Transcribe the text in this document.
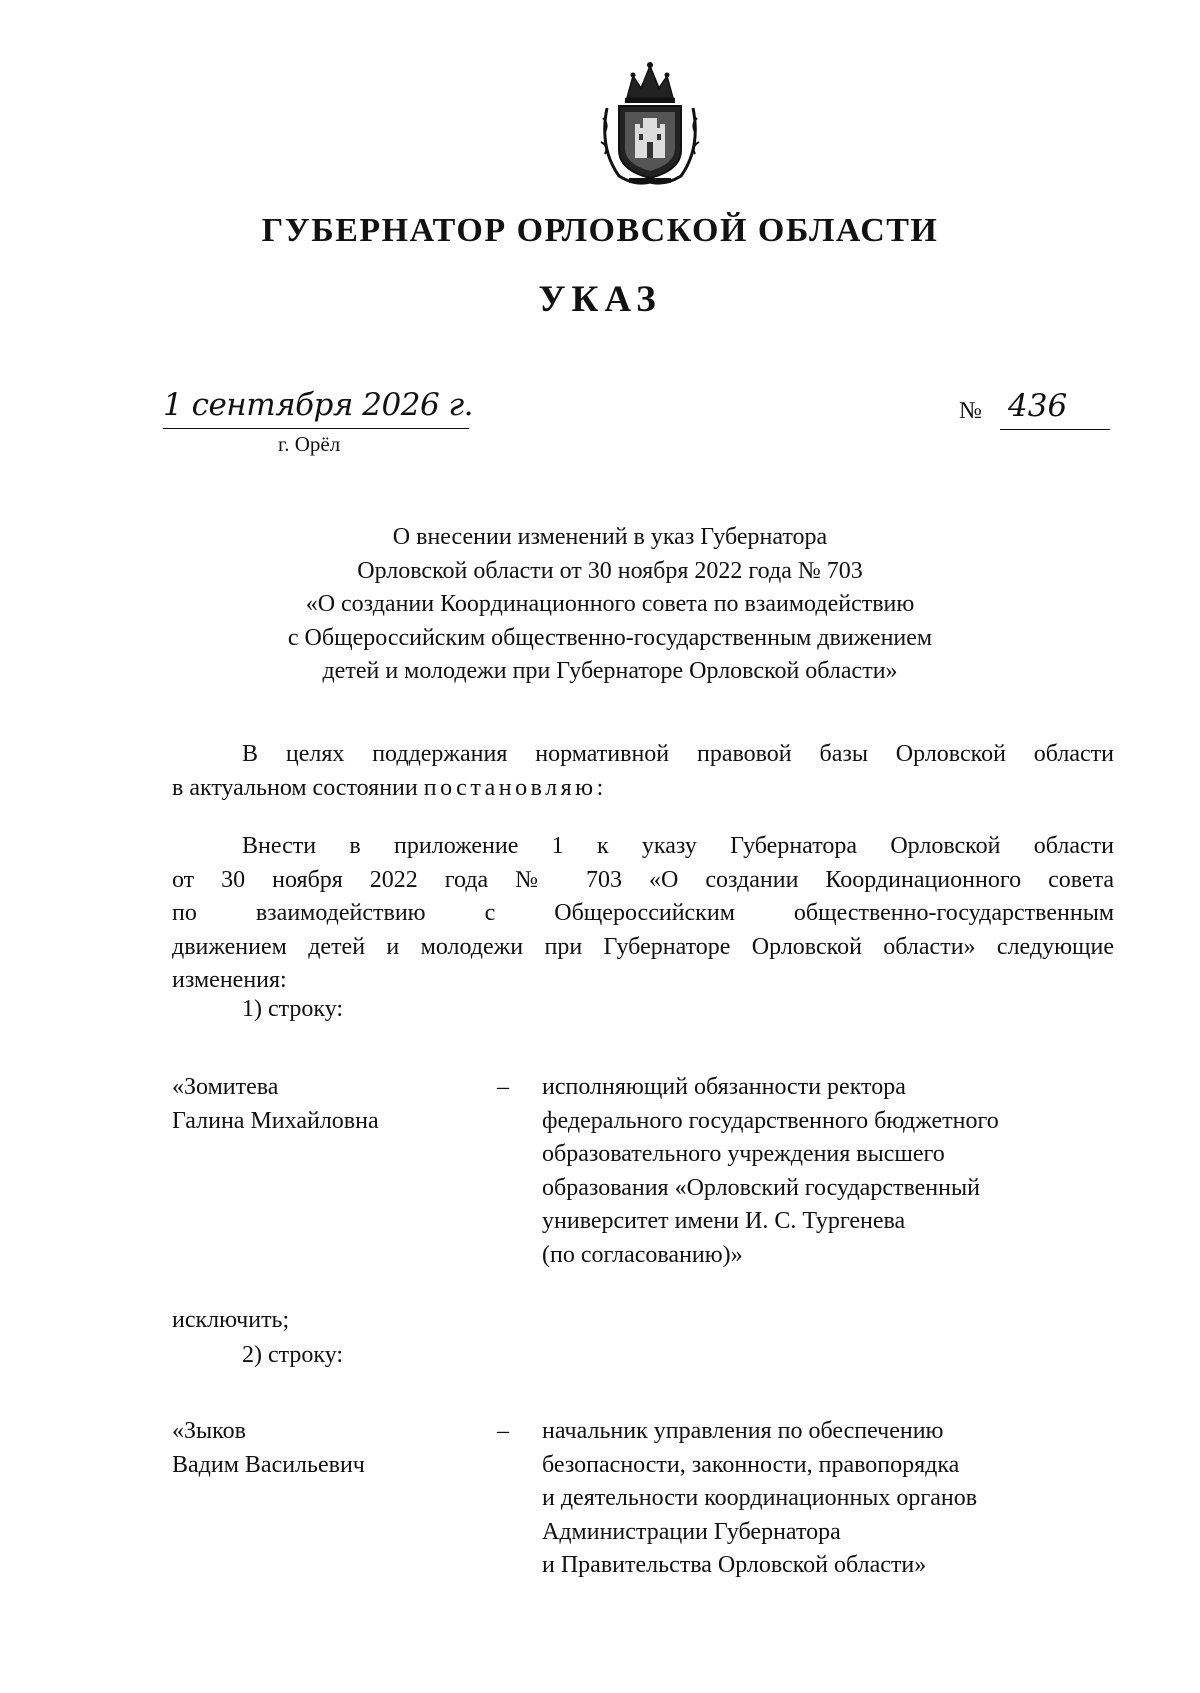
ГУБЕРНАТОР ОРЛОВСКОЙ ОБЛАСТИ
УКАЗ
1 сентября 2026 г.
г. Орёл
№ 436
О внесении изменений в указ Губернатора
Орловской области от 30 ноября 2022 года № 703
«О создании Координационного совета по взаимодействию
с Общероссийским общественно-государственным движением
детей и молодежи при Губернаторе Орловской области»
В целях поддержания нормативной правовой базы Орловской области
в актуальном состоянии постановляю:
Внести в приложение 1 к указу Губернатора Орловской области
от 30 ноября 2022 года № 703 «О создании Координационного совета
по взаимодействию с Общероссийским общественно-государственным
движением детей и молодежи при Губернаторе Орловской области» следующие
изменения:
1) строку:
«Зомитева
Галина Михайловна
– исполняющий обязанности ректора
федерального государственного бюджетного
образовательного учреждения высшего
образования «Орловский государственный
университет имени И. С. Тургенева
(по согласованию)»
исключить;
2) строку:
«Зыков
Вадим Васильевич
– начальник управления по обеспечению
безопасности, законности, правопорядка
и деятельности координационных органов
Администрации Губернатора
и Правительства Орловской области»
